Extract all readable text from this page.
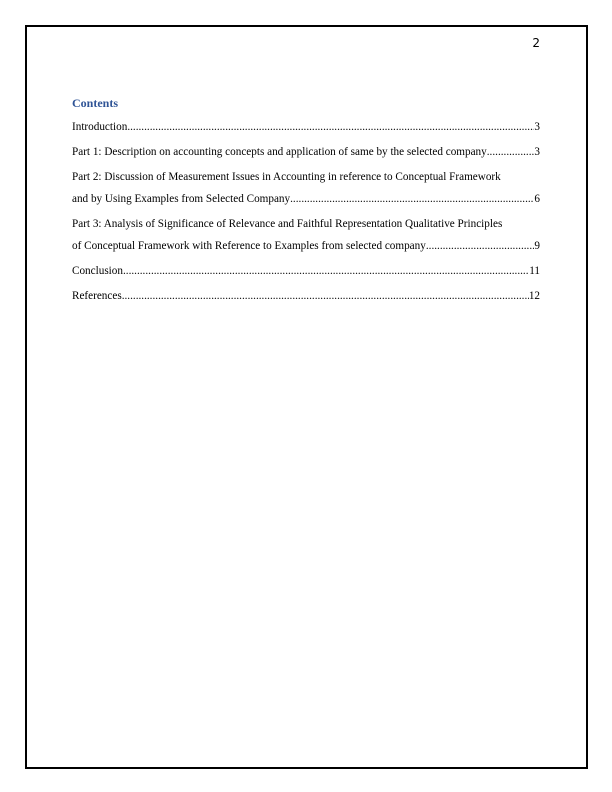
2
Contents
Introduction .....	3
Part 1: Description on accounting concepts and application of same by the selected company .....	3
Part 2: Discussion of Measurement Issues in Accounting in reference to Conceptual Framework
and by Using Examples from Selected Company .....	6
Part 3: Analysis of Significance of Relevance and Faithful Representation Qualitative Principles
of Conceptual Framework with Reference to Examples from selected company .....	9
Conclusion .....	11
References .....	12
